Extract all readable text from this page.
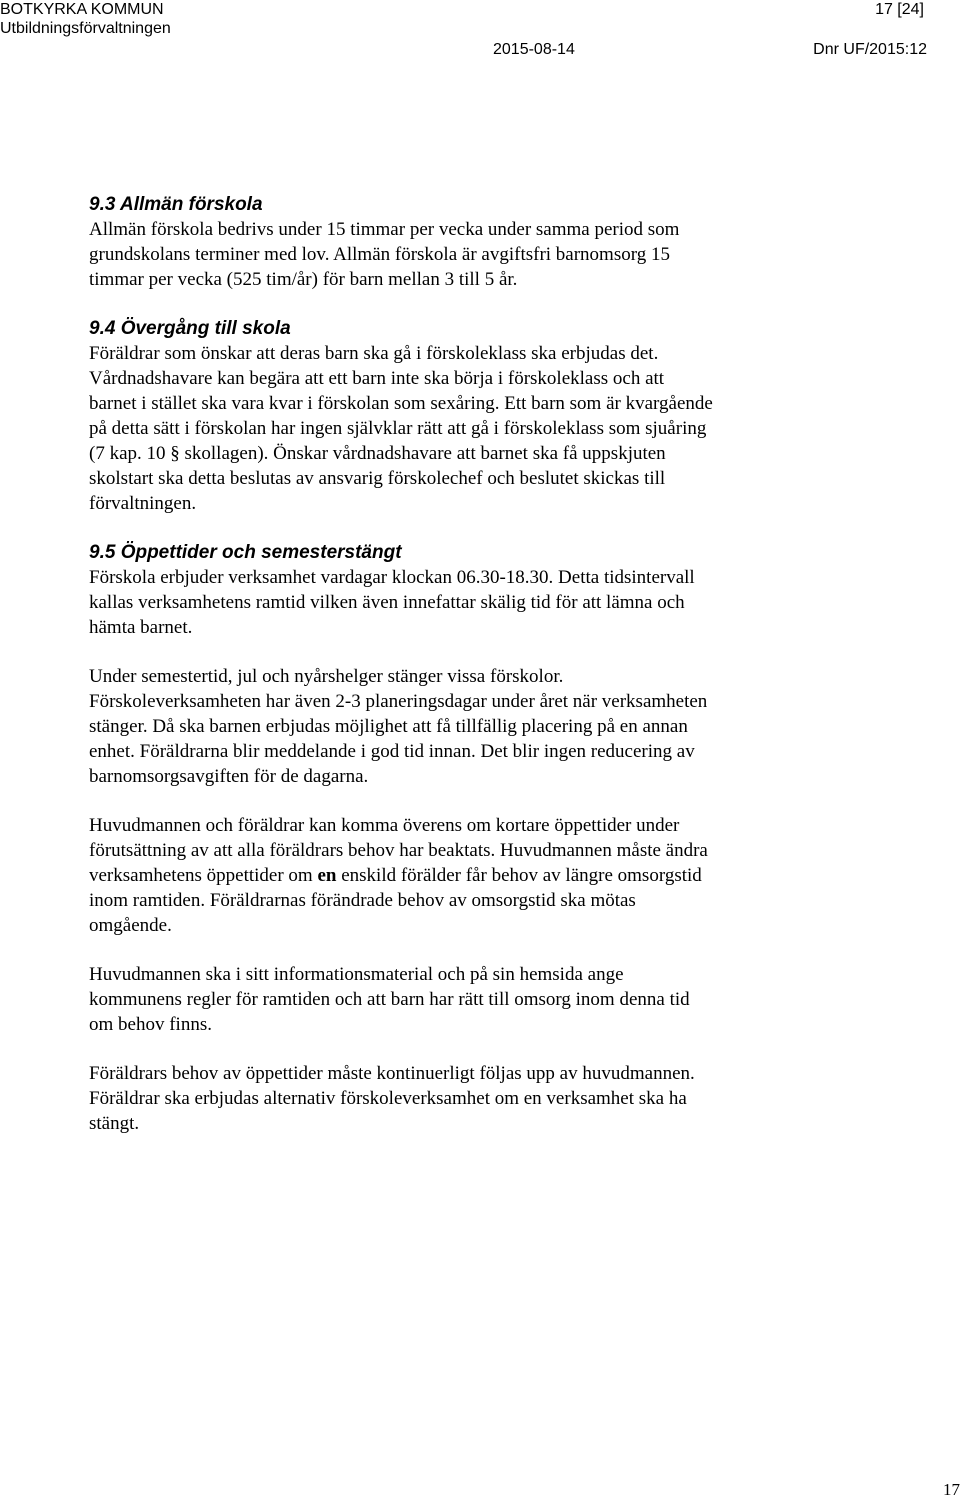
BOTKYRKA KOMMUN
Utbildningsförvaltningen
17 [24]
2015-08-14	Dnr UF/2015:12
9.3 Allmän förskola

Allmän förskola bedrivs under 15 timmar per vecka under samma period som

grundskolans terminer med lov. Allmän förskola är avgiftsfri barnomsorg 15

timmar per vecka (525 tim/år) för barn mellan 3 till 5 år.

9.4 Övergång till skola

Föräldrar som önskar att deras barn ska gå i förskoleklass ska erbjudas det.

Vårdnadshavare kan begära att ett barn inte ska börja i förskoleklass och att

barnet i stället ska vara kvar i förskolan som sexåring. Ett barn som är kvargående

på detta sätt i förskolan har ingen självklar rätt att gå i förskoleklass som sjuåring

(7 kap. 10 § skollagen). Önskar vårdnadshavare att barnet ska få uppskjuten

skolstart ska detta beslutas av ansvarig förskolechef och beslutet skickas till

förvaltningen.

9.5 Öppettider och semesterstängt

Förskola erbjuder verksamhet vardagar klockan 06.30-18.30. Detta tidsintervall

kallas verksamhetens ramtid vilken även innefattar skälig tid för att lämna och

hämta barnet.

Under semestertid, jul och nyårshelger stänger vissa förskolor.

Förskoleverksamheten har även 2-3 planeringsdagar under året när verksamheten

stänger. Då ska barnen erbjudas möjlighet att få tillfällig placering på en annan

enhet. Föräldrarna blir meddelande i god tid innan. Det blir ingen reducering av

barnomsorgsavgiften för de dagarna.

Huvudmannen och föräldrar kan komma överens om kortare öppettider under

förutsättning av att alla föräldrars behov har beaktats. Huvudmannen måste ändra

verksamhetens öppettider om en enskild förälder får behov av längre omsorgstid

inom ramtiden. Föräldrarnas förändrade behov av omsorgstid ska mötas

omgående.

Huvudmannen ska i sitt informationsmaterial och på sin hemsida ange

kommunens regler för ramtiden och att barn har rätt till omsorg inom denna tid

om behov finns.

Föräldrars behov av öppettider måste kontinuerligt följas upp av huvudmannen.

Föräldrar ska erbjudas alternativ förskoleverksamhet om en verksamhet ska ha

stängt.

17
